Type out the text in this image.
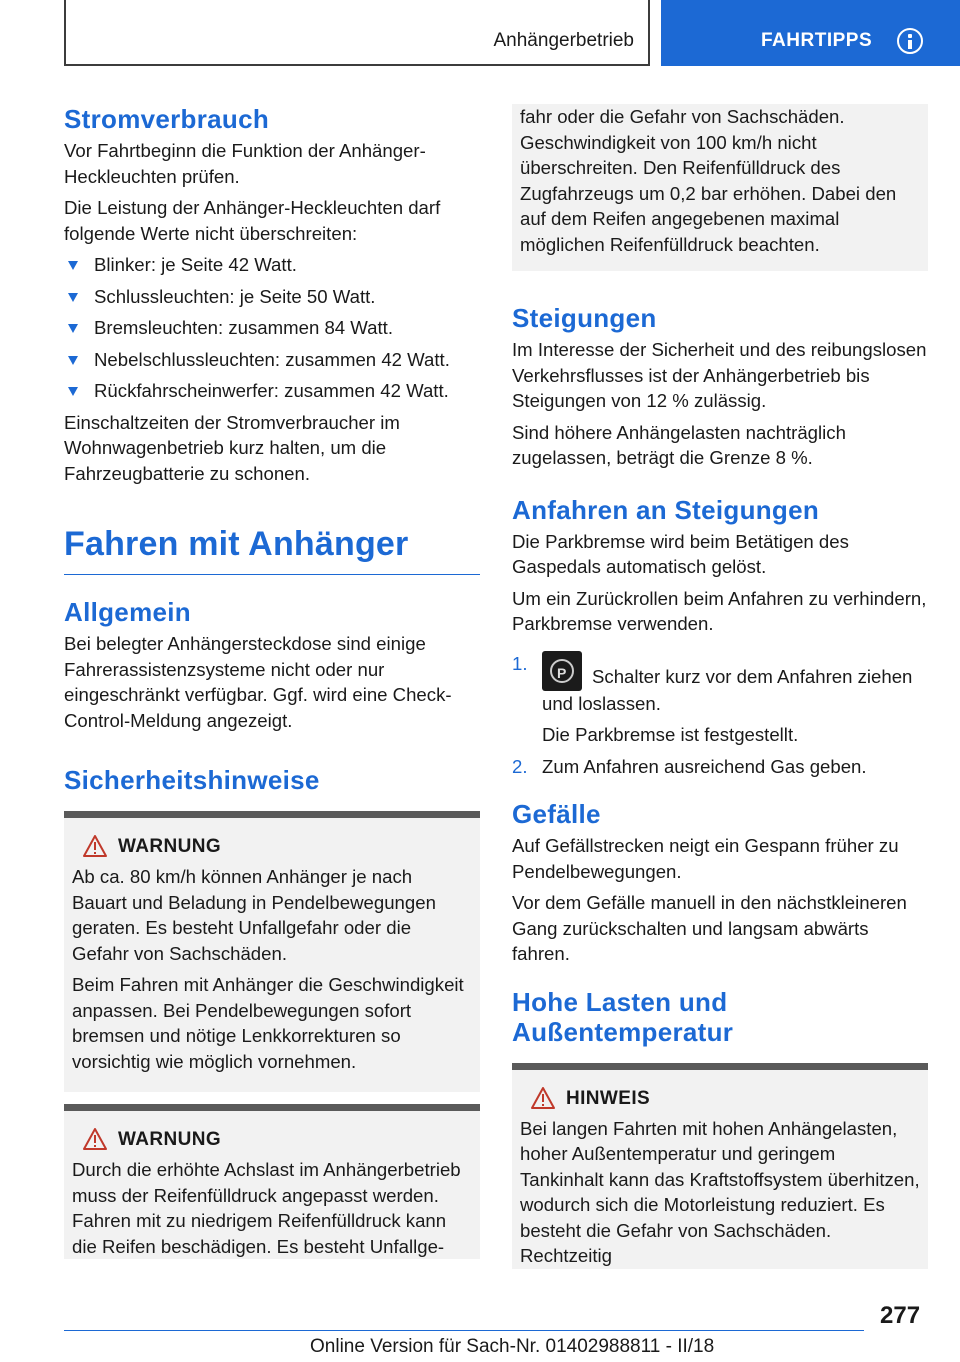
Anhängerbetrieb	FAHRTIPPS
Stromverbrauch

Vor Fahrtbeginn die Funktion der Anhänger-Heckleuchten prüfen.

Die Leistung der Anhänger-Heckleuchten darf folgende Werte nicht überschreiten:

Blinker: je Seite 42 Watt.
Schlussleuchten: je Seite 50 Watt.
Bremsleuchten: zusammen 84 Watt.
Nebelschlussleuchten: zusammen 42 Watt.
Rückfahrscheinwerfer: zusammen 42 Watt.

Einschaltzeiten der Stromverbraucher im Wohnwagenbetrieb kurz halten, um die Fahrzeugbatterie zu schonen.

Fahren mit Anhänger
Allgemein

Bei belegter Anhängersteckdose sind einige Fahrerassistenzsysteme nicht oder nur eingeschränkt verfügbar. Ggf. wird eine Check-Control-Meldung angezeigt.

Sicherheitshinweise
WARNUNG

Ab ca. 80 km/h können Anhänger je nach Bauart und Beladung in Pendelbewegungen geraten. Es besteht Unfallgefahr oder die Gefahr von Sachschäden.

Beim Fahren mit Anhänger die Geschwindigkeit anpassen. Bei Pendelbewegungen sofort bremsen und nötige Lenkkorrekturen so vorsichtig wie möglich vornehmen.

WARNUNG

Durch die erhöhte Achslast im Anhängerbetrieb muss der Reifenfülldruck angepasst werden. Fahren mit zu niedrigem Reifenfülldruck kann die Reifen beschädigen. Es besteht Unfallge-

fahr oder die Gefahr von Sachschäden. Geschwindigkeit von 100 km/h nicht überschreiten. Den Reifenfülldruck des Zugfahrzeugs um 0,2 bar erhöhen. Dabei den auf dem Reifen angegebenen maximal möglichen Reifenfülldruck beachten.

Steigungen

Im Interesse der Sicherheit und des reibungslosen Verkehrsflusses ist der Anhängerbetrieb bis Steigungen von 12 % zulässig.

Sind höhere Anhängelasten nachträglich zugelassen, beträgt die Grenze 8 %.

Anfahren an Steigungen

Die Parkbremse wird beim Betätigen des Gaspedals automatisch gelöst.

Um ein Zurückrollen beim Anfahren zu verhindern, Parkbremse verwenden.

1.
PSchalter kurz vor dem Anfahren ziehen und loslassen.
Die Parkbremse ist festgestellt.
2. Zum Anfahren ausreichend Gas geben.
Gefälle

Auf Gefällstrecken neigt ein Gespann früher zu Pendelbewegungen.

Vor dem Gefälle manuell in den nächstkleineren Gang zurückschalten und langsam abwärts fahren.

Hohe Lasten und Außentemperatur
HINWEIS

Bei langen Fahrten mit hohen Anhängelasten, hoher Außentemperatur und geringem Tankinhalt kann das Kraftstoffsystem überhitzen, wodurch sich die Motorleistung reduziert. Es besteht die Gefahr von Sachschäden. Rechtzeitig

277
Online Version für Sach-Nr. 01402988811 - II/18
